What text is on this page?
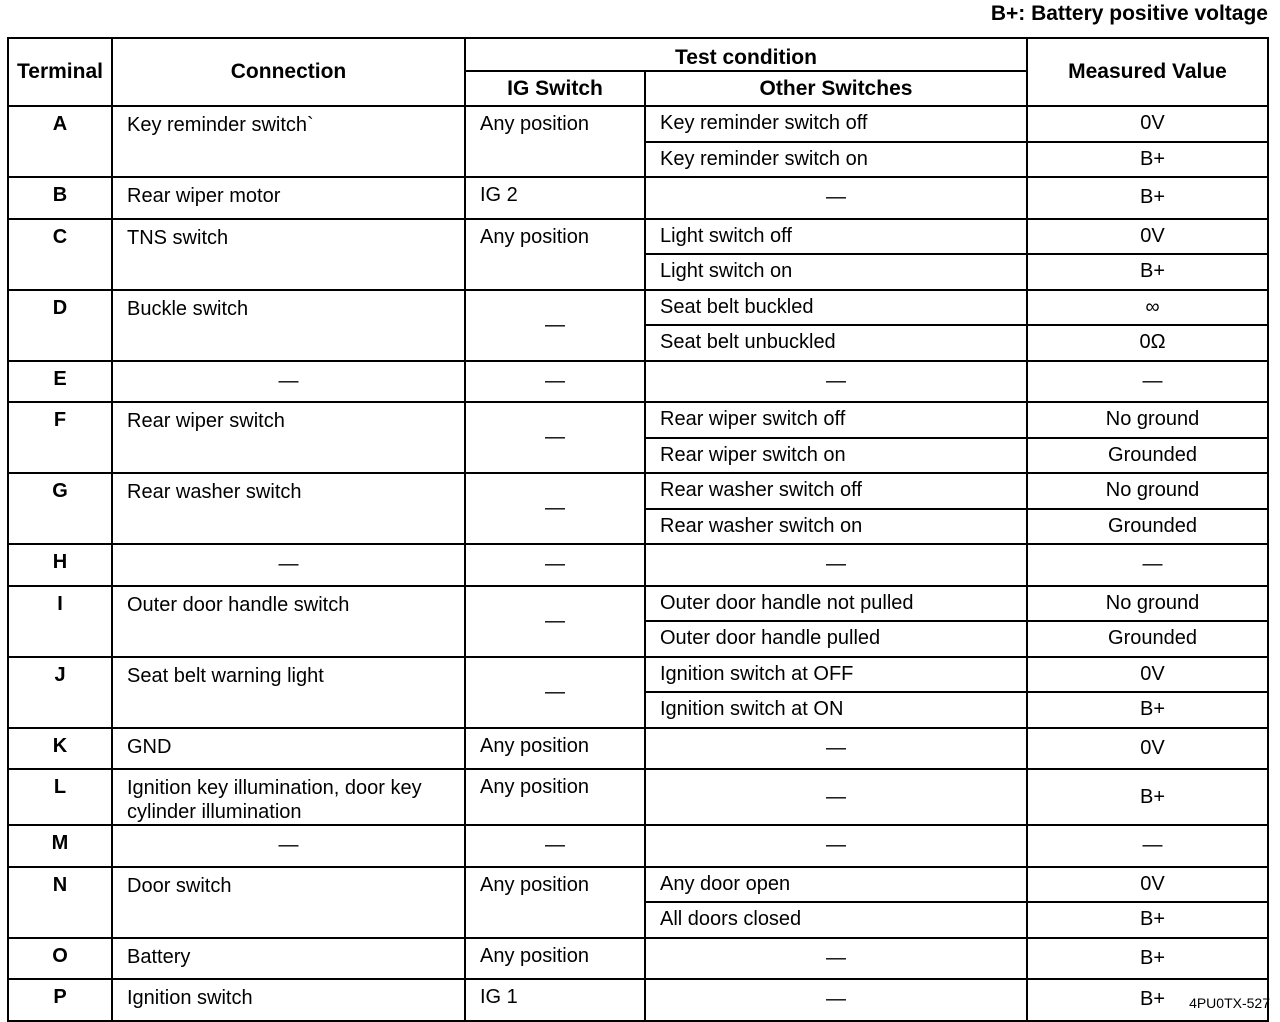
B+: Battery positive voltage
Terminal	Connection	Test condition		Measured Value
		IG Switch	Other Switches	
A	Key reminder switch`	Any position	Key reminder switch off	0V
			Key reminder switch on	B+
B	Rear wiper motor	IG 2	—	B+
C	TNS switch	Any position	Light switch off	0V
			Light switch on	B+
D	Buckle switch	—	Seat belt buckled	∞
			Seat belt unbuckled	0Ω
E	—	—	—	—
F	Rear wiper switch	—	Rear wiper switch off	No ground
			Rear wiper switch on	Grounded
G	Rear washer switch	—	Rear washer switch off	No ground
			Rear washer switch on	Grounded
H	—	—	—	—
I	Outer door handle switch	—	Outer door handle not pulled	No ground
			Outer door handle pulled	Grounded
J	Seat belt warning light	—	Ignition switch at OFF	0V
			Ignition switch at ON	B+
K	GND	Any position	—	0V
L	Ignition key illumination, door key cylinder illumination	Any position	—	B+
M	—	—	—	—
N	Door switch	Any position	Any door open	0V
			All doors closed	B+
O	Battery	Any position	—	B+
P	Ignition switch	IG 1	—	B+ 4PU0TX-527
